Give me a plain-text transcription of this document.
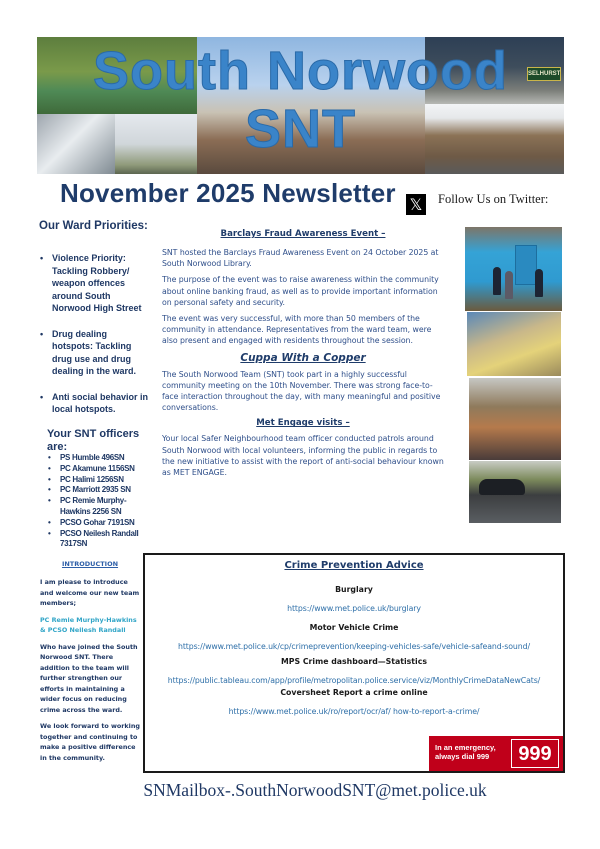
SELHURST
South Norwood
SNT
November 2025 Newsletter 𝕏 Follow Us on Twitter:
Our Ward Priorities:
• Violence Priority: Tackling Robbery/ weapon offences around South Norwood High Street
• Drug dealing hotspots: Tackling drug use and drug dealing in the ward.
• Anti social behavior in local hotspots.
Your SNT officers are:
• PS Humble 496SN
• PC Akamune 1156SN
• PC Halimi 1256SN
• PC Marriott 2935 SN
• PC Remie Murphy-Hawkins 2256 SN
• PCSO Gohar 7191SN
• PCSO Neilesh Randall 7317SN
INTRODUCTION

I am please to introduce and welcome our new team members;

PC Remie Murphy-Hawkins & PCSO Neilesh Randall

Who have joined the South Norwood SNT. There addition to the team will further strengthen our efforts in maintaining a wider focus on reducing crime across the ward.

We look forward to working together and continuing to make a positive difference in the community.

Barclays Fraud Awareness Event –

SNT hosted the Barclays Fraud Awareness Event on 24 October 2025 at South Norwood Library.

The purpose of the event was to raise awareness within the community about online banking fraud, as well as to provide important information on personal safety and security.

The event was very successful, with more than 50 members of the community in attendance. Representatives from the ward team, were also present and engaged with residents throughout the session.

Cuppa With a Copper

The South Norwood Team (SNT) took part in a highly successful community meeting on the 10th November. There was strong face-to-face interaction throughout the day, with many meaningful and positive conversations.

Met Engage visits –

Your local Safer Neighbourhood team officer conducted patrols around South Norwood with local volunteers, informing the public in regards to the new initiative to assist with the report of anti-social behaviour known as MET ENGAGE.

Crime Prevention Advice
Burglary
https://www.met.police.uk/burglary
Motor Vehicle Crime
https://www.met.police.uk/cp/crimeprevention/keeping-vehicles-safe/vehicle-safeand-sound/
MPS Crime dashboard—Statistics
https://public.tableau.com/app/profile/metropolitan.police.service/viz/MonthlyCrimeDataNewCats/
Coversheet Report a crime online
https://www.met.police.uk/ro/report/ocr/af/ how-to-report-a-crime/
In an emergency,
always dial 999	999
SNMailbox-.SouthNorwoodSNT@met.police.uk
